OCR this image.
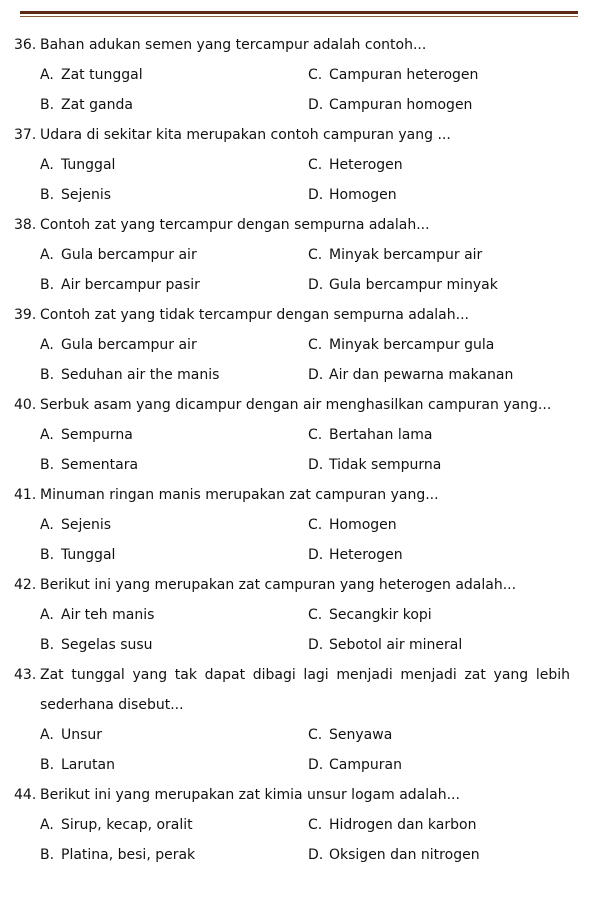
36. Bahan adukan semen yang tercampur adalah contoh...
A. Zat tunggal	C. Campuran heterogen
B. Zat ganda	D. Campuran homogen
37. Udara di sekitar kita merupakan contoh campuran yang ...
A. Tunggal	C. Heterogen
B. Sejenis	D. Homogen
38. Contoh zat yang tercampur dengan sempurna adalah...
A. Gula bercampur air	C. Minyak bercampur air
B. Air bercampur pasir	D. Gula bercampur minyak
39. Contoh zat yang tidak tercampur dengan sempurna adalah...
A. Gula bercampur air	C. Minyak bercampur gula
B. Seduhan air the manis	D. Air dan pewarna makanan
40. Serbuk asam yang dicampur dengan air menghasilkan campuran yang...
A. Sempurna	C. Bertahan lama
B. Sementara	D. Tidak sempurna
41. Minuman ringan manis merupakan zat campuran yang...
A. Sejenis	C. Homogen
B. Tunggal	D. Heterogen
42. Berikut ini yang merupakan zat campuran yang heterogen adalah...
A. Air teh manis	C. Secangkir kopi
B. Segelas susu	D. Sebotol air mineral
43. Zat tunggal yang tak dapat dibagi lagi menjadi menjadi zat yang lebih
sederhana disebut...
A. Unsur	C. Senyawa
B. Larutan	D. Campuran
44. Berikut ini yang merupakan zat kimia unsur logam adalah...
A. Sirup, kecap, oralit	C. Hidrogen dan karbon
B. Platina, besi, perak	D. Oksigen dan nitrogen
